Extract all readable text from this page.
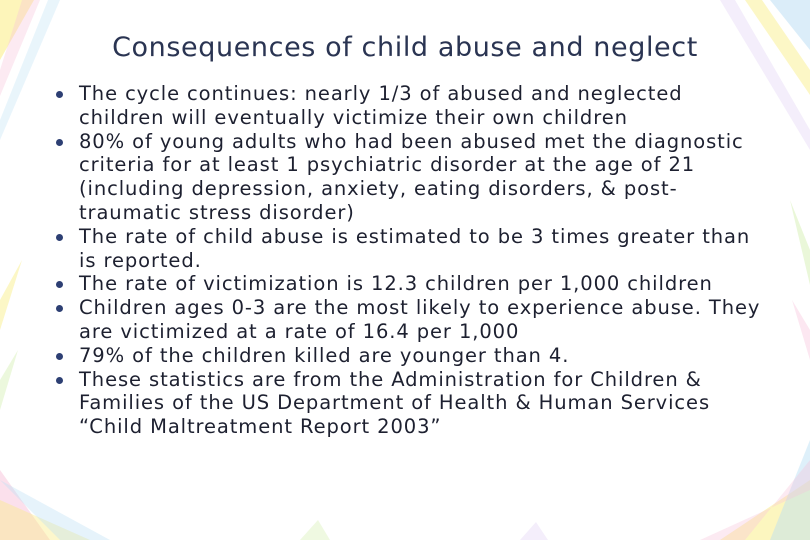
Consequences of child abuse and neglect
The cycle continues: nearly 1/3 of abused and neglected children will eventually victimize their own children
80% of young adults who had been abused met the diagnostic criteria for at least 1 psychiatric disorder at the age of 21 (including depression, anxiety, eating disorders, & post-traumatic stress disorder)
The rate of child abuse is estimated to be 3 times greater than is reported.
The rate of victimization is 12.3 children per 1,000 children
Children ages 0-3 are the most likely to experience abuse. They are victimized at a rate of 16.4 per 1,000
79% of the children killed are younger than 4.
These statistics are from the Administration for Children & Families of the US Department of Health & Human Services “Child Maltreatment Report 2003”
